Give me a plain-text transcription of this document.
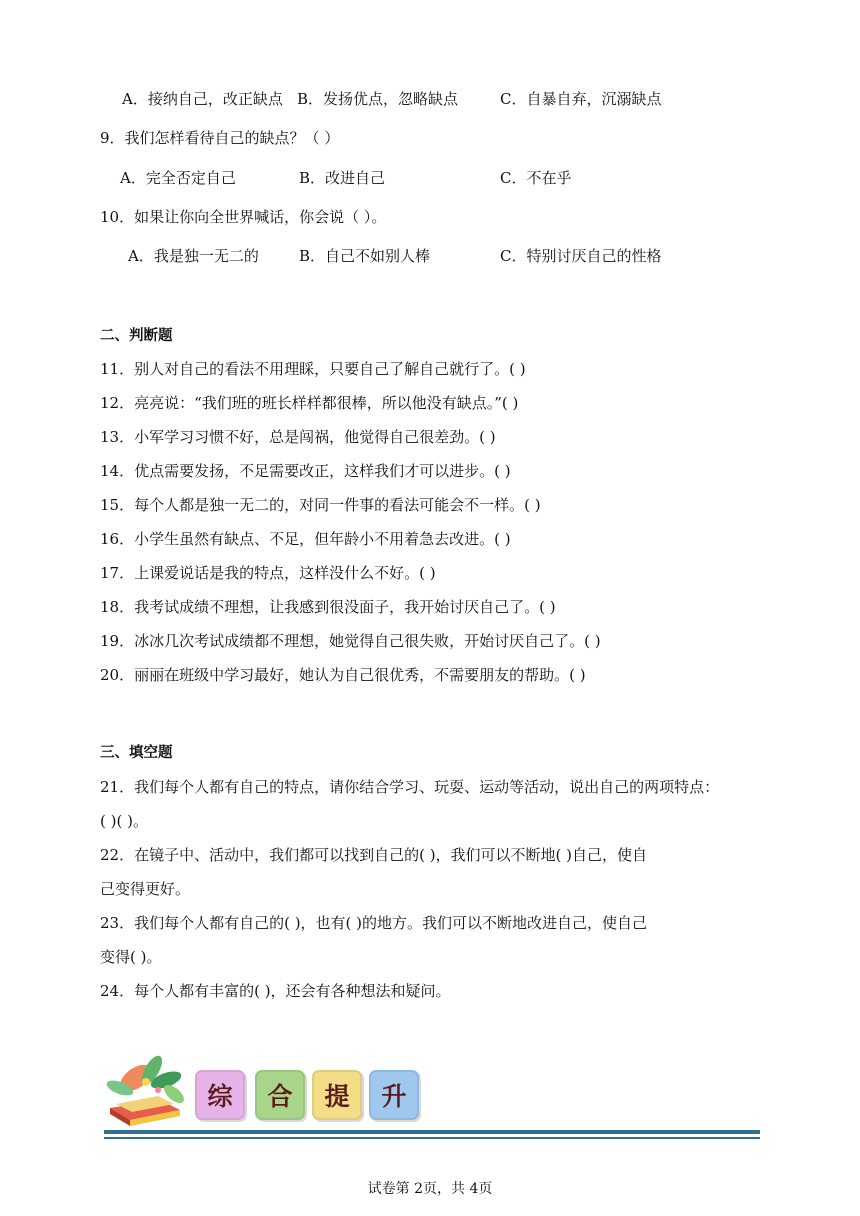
A．接纳自己，改正缺点 B．发扬优点，忽略缺点	C．自暴自弃，沉溺缺点
9．我们怎样看待自己的缺点？（ ）
A．完全否定自己	B．改进自己	C．不在乎
10．如果让你向全世界喊话，你会说（ ）。
A．我是独一无二的	B．自己不如别人棒	C．特别讨厌自己的性格
二、判断题
11．别人对自己的看法不用理睬，只要自己了解自己就行了。( )
12．亮亮说：“我们班的班长样样都很棒，所以他没有缺点。”( )
13．小军学习习惯不好，总是闯祸，他觉得自己很差劲。( )
14．优点需要发扬，不足需要改正，这样我们才可以进步。( )
15．每个人都是独一无二的，对同一件事的看法可能会不一样。( )
16．小学生虽然有缺点、不足，但年龄小不用着急去改进。( )
17．上课爱说话是我的特点，这样没什么不好。( )
18．我考试成绩不理想，让我感到很没面子，我开始讨厌自己了。( )
19．冰冰几次考试成绩都不理想，她觉得自己很失败，开始讨厌自己了。( )
20．丽丽在班级中学习最好，她认为自己很优秀，不需要朋友的帮助。( )
三、填空题
21．我们每个人都有自己的特点，请你结合学习、玩耍、运动等活动，说出自己的两项特点：
( )( )。
22．在镜子中、活动中，我们都可以找到自己的( )，我们可以不断地( )自己，使自
己变得更好。
23．我们每个人都有自己的( )，也有( )的地方。我们可以不断地改进自己，使自己
变得( )。
24．每个人都有丰富的( )，还会有各种想法和疑问。
综 合 提 升
试卷第 2页，共 4页
